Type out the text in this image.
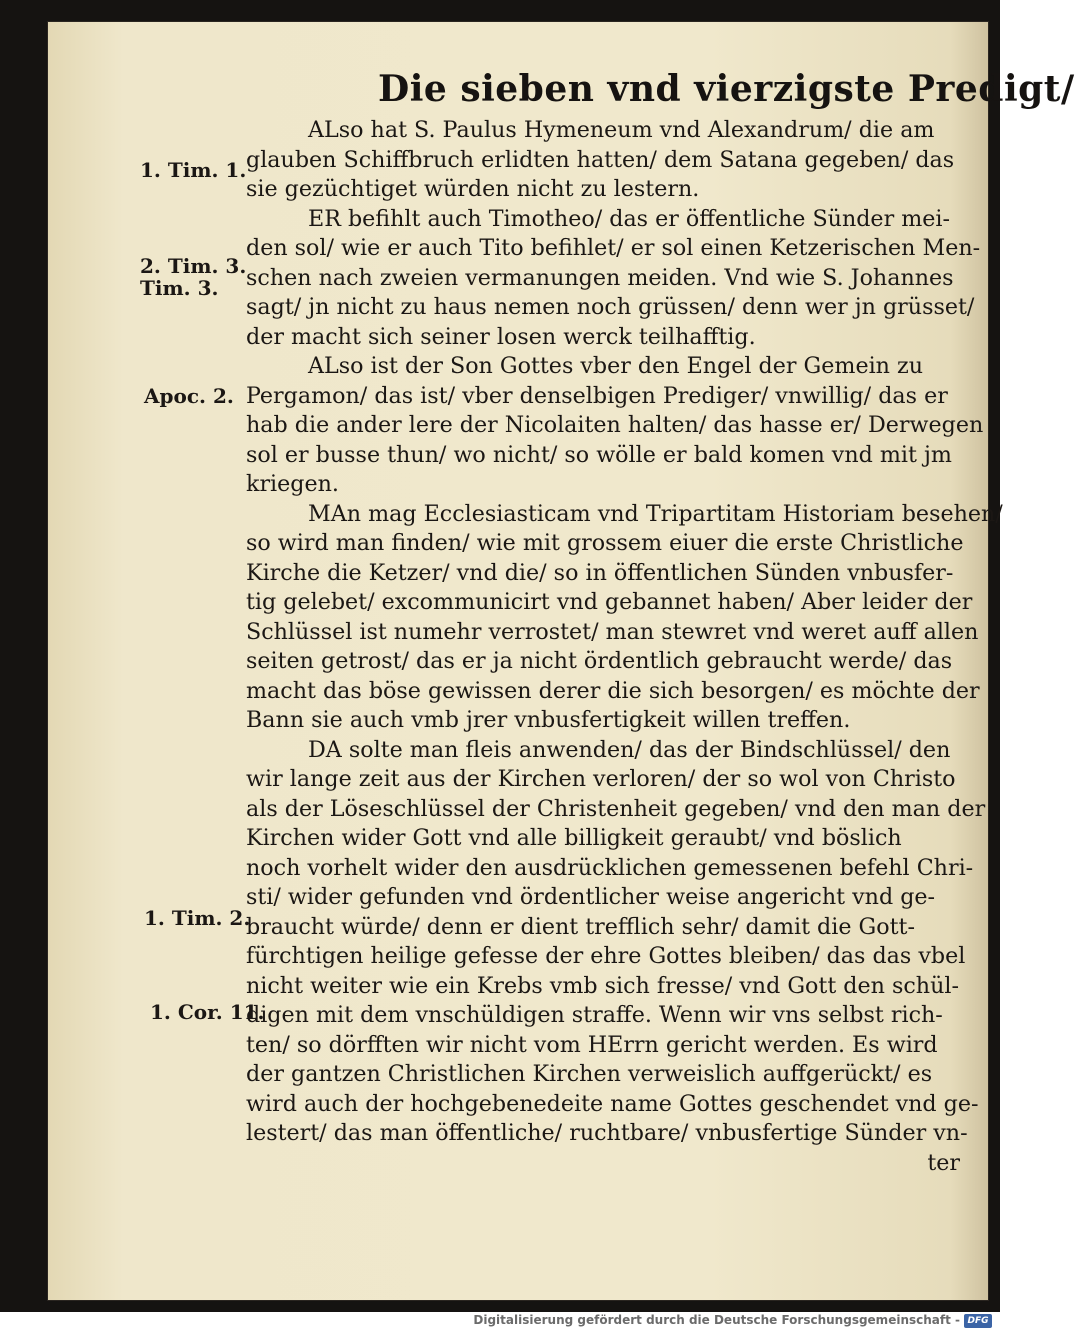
Die sieben vnd vierzigste Predigt/
1. Tim. 1.
2. Tim. 3.
Tim. 3.
Apoc. 2.
1. Tim. 2.
1. Cor. 11.
ALso hat S. Paulus Hymeneum vnd Alexandrum/ die am
glauben Schiffbruch erlidten hatten/ dem Satana gegeben/ das
sie gezüchtiget würden nicht zu lestern.
ER befihlt auch Timotheo/ das er öffentliche Sünder mei-
den sol/ wie er auch Tito befihlet/ er sol einen Ketzerischen Men-
schen nach zweien vermanungen meiden. Vnd wie S. Johannes
sagt/ jn nicht zu haus nemen noch grüssen/ denn wer jn grüsset/
der macht sich seiner losen werck teilhafftig.
ALso ist der Son Gottes vber den Engel der Gemein zu
Pergamon/ das ist/ vber denselbigen Prediger/ vnwillig/ das er
hab die ander lere der Nicolaiten halten/ das hasse er/ Derwegen
sol er busse thun/ wo nicht/ so wölle er bald komen vnd mit jm
kriegen.
MAn mag Ecclesiasticam vnd Tripartitam Historiam besehen/
so wird man finden/ wie mit grossem eiuer die erste Christliche
Kirche die Ketzer/ vnd die/ so in öffentlichen Sünden vnbusfer-
tig gelebet/ excommunicirt vnd gebannet haben/ Aber leider der
Schlüssel ist numehr verrostet/ man stewret vnd weret auff allen
seiten getrost/ das er ja nicht ördentlich gebraucht werde/ das
macht das böse gewissen derer die sich besorgen/ es möchte der
Bann sie auch vmb jrer vnbusfertigkeit willen treffen.
DA solte man fleis anwenden/ das der Bindschlüssel/ den
wir lange zeit aus der Kirchen verloren/ der so wol von Christo
als der Löseschlüssel der Christenheit gegeben/ vnd den man der
Kirchen wider Gott vnd alle billigkeit geraubt/ vnd böslich
noch vorhelt wider den ausdrücklichen gemessenen befehl Chri-
sti/ wider gefunden vnd ördentlicher weise angericht vnd ge-
braucht würde/ denn er dient trefflich sehr/ damit die Gott-
fürchtigen heilige gefesse der ehre Gottes bleiben/ das das vbel
nicht weiter wie ein Krebs vmb sich fresse/ vnd Gott den schül-
digen mit dem vnschüldigen straffe. Wenn wir vns selbst rich-
ten/ so dörfften wir nicht vom HErrn gericht werden. Es wird
der gantzen Christlichen Kirchen verweislich auffgerückt/ es
wird auch der hochgebenedeite name Gottes geschendet vnd ge-
lestert/ das man öffentliche/ ruchtbare/ vnbusfertige Sünder vn-
ter
Digitalisierung gefördert durch die Deutsche Forschungsgemeinschaft - DFG
